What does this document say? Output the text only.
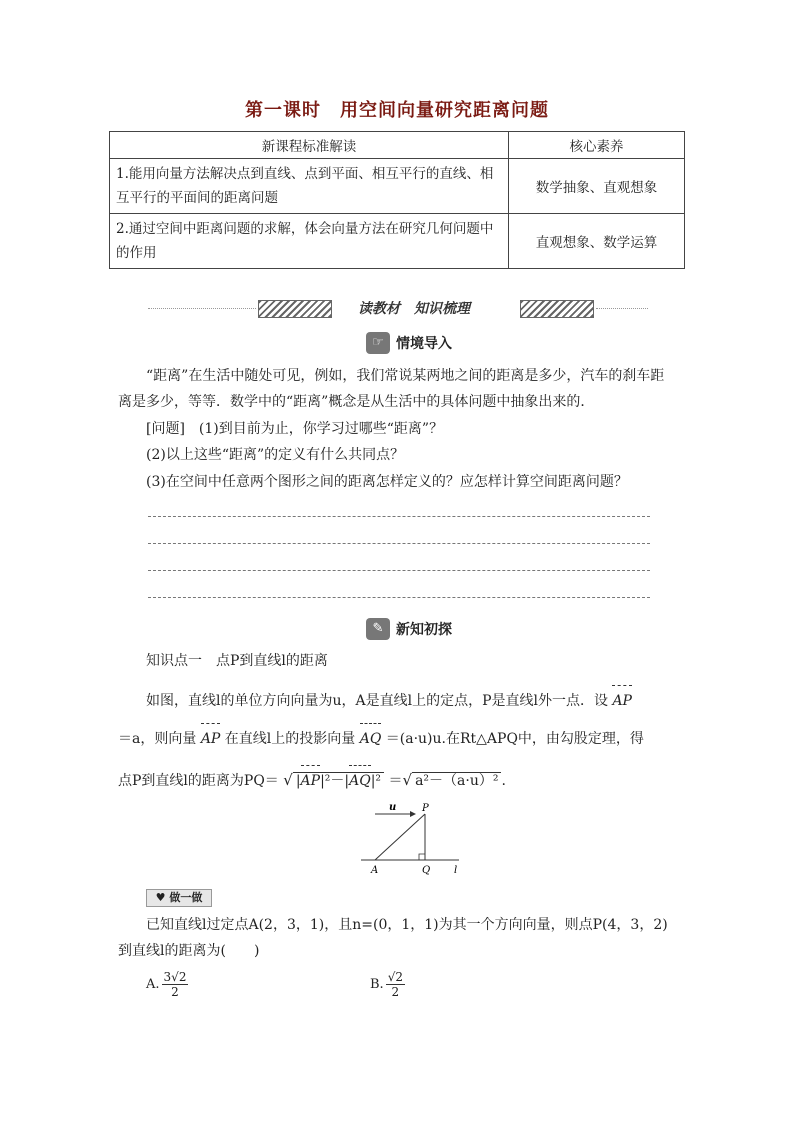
第一课时　用空间向量研究距离问题
新课程标准解读	核心素养
1.能用向量方法解决点到直线、点到平面、相互平行的直线、相互平行的平面间的距离问题	数学抽象、直观想象
2.通过空间中距离问题的求解，体会向量方法在研究几何问题中的作用	直观想象、数学运算
读教材　知识梳理
☞ 情境导入
“距离”在生活中随处可见，例如，我们常说某两地之间的距离是多少，汽车的刹车距离是多少，等等．数学中的“距离”概念是从生活中的具体问题中抽象出来的．
[问题]　(1)到目前为止，你学习过哪些“距离”？
(2)以上这些“距离”的定义有什么共同点？
(3)在空间中任意两个图形之间的距离怎样定义的？应怎样计算空间距离问题？
✎ 新知初探
知识点一　点P到直线l的距离
如图，直线l的单位方向向量为u，A是直线l上的定点，P是直线l外一点．设 AP
＝a，则向量 AP 在直线l上的投影向量 AQ ＝(a·u)u.在Rt△APQ中，由勾股定理，得
点P到直线l的距离为PQ＝ √ |AP|²－|AQ|² ＝√ a²－（a·u）² .
u	P
A	Q l
♥ 做一做
已知直线l过定点A(2，3，1)，且n=(0，1，1)为其一个方向向量，则点P(4，3，2)
到直线l的距离为(　　)
A. $\frac{3√2}{2}$	B. $\frac{√2}{2}$
